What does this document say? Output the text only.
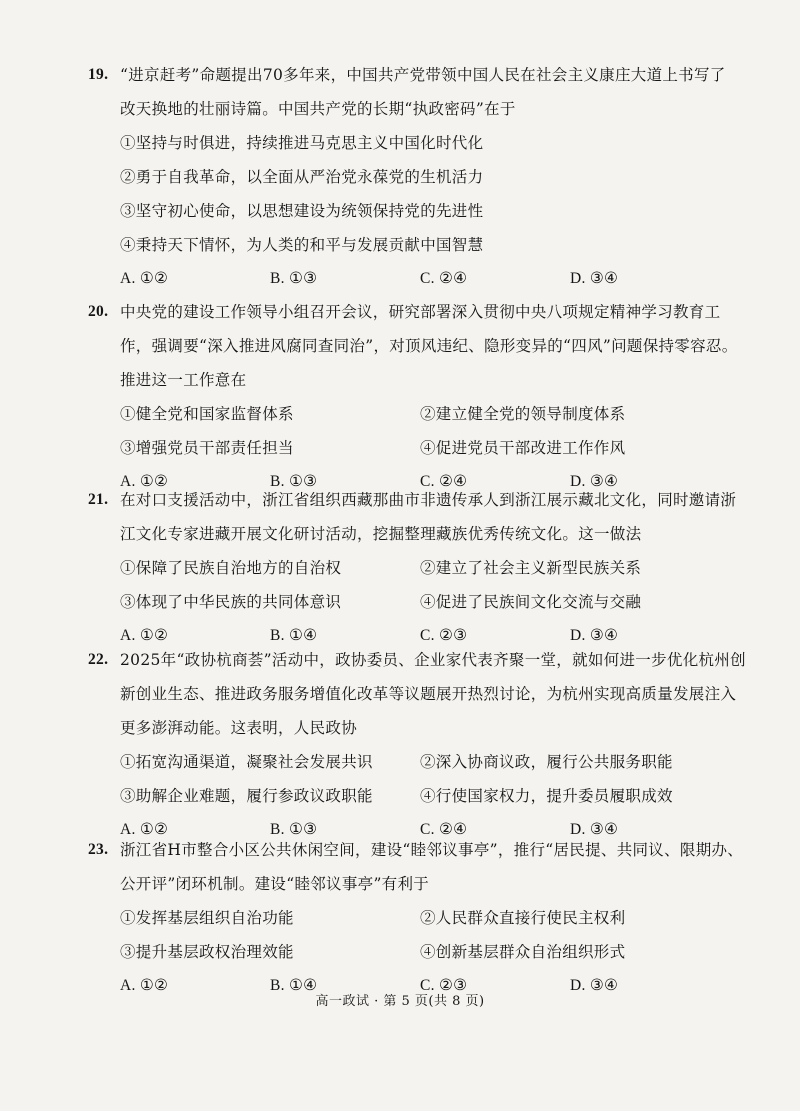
19. “进京赶考”命题提出70多年来，中国共产党带领中国人民在社会主义康庄大道上书写了
改天换地的壮丽诗篇。中国共产党的长期“执政密码”在于
①坚持与时俱进，持续推进马克思主义中国化时代化
②勇于自我革命，以全面从严治党永葆党的生机活力
③坚守初心使命，以思想建设为统领保持党的先进性
④秉持天下情怀，为人类的和平与发展贡献中国智慧
A. ①②	B. ①③	C. ②④	D. ③④
20. 中央党的建设工作领导小组召开会议，研究部署深入贯彻中央八项规定精神学习教育工
作，强调要“深入推进风腐同查同治”，对顶风违纪、隐形变异的“四风”问题保持零容忍。
推进这一工作意在
①健全党和国家监督体系	②建立健全党的领导制度体系
③增强党员干部责任担当	④促进党员干部改进工作作风
A. ①②	B. ①③	C. ②④	D. ③④
21. 在对口支援活动中，浙江省组织西藏那曲市非遗传承人到浙江展示藏北文化，同时邀请浙
江文化专家进藏开展文化研讨活动，挖掘整理藏族优秀传统文化。这一做法
①保障了民族自治地方的自治权	②建立了社会主义新型民族关系
③体现了中华民族的共同体意识	④促进了民族间文化交流与交融
A. ①②	B. ①④	C. ②③	D. ③④
22. 2025年“政协杭商荟”活动中，政协委员、企业家代表齐聚一堂，就如何进一步优化杭州创
新创业生态、推进政务服务增值化改革等议题展开热烈讨论，为杭州实现高质量发展注入
更多澎湃动能。这表明，人民政协
①拓宽沟通渠道，凝聚社会发展共识	②深入协商议政，履行公共服务职能
③助解企业难题，履行参政议政职能	④行使国家权力，提升委员履职成效
A. ①②	B. ①③	C. ②④	D. ③④
23. 浙江省H市整合小区公共休闲空间，建设“睦邻议事亭”，推行“居民提、共同议、限期办、
公开评”闭环机制。建设“睦邻议事亭”有利于
①发挥基层组织自治功能	②人民群众直接行使民主权利
③提升基层政权治理效能	④创新基层群众自治组织形式
A. ①②	B. ①④	C. ②③	D. ③④
高一政试 · 第 5 页(共 8 页)
